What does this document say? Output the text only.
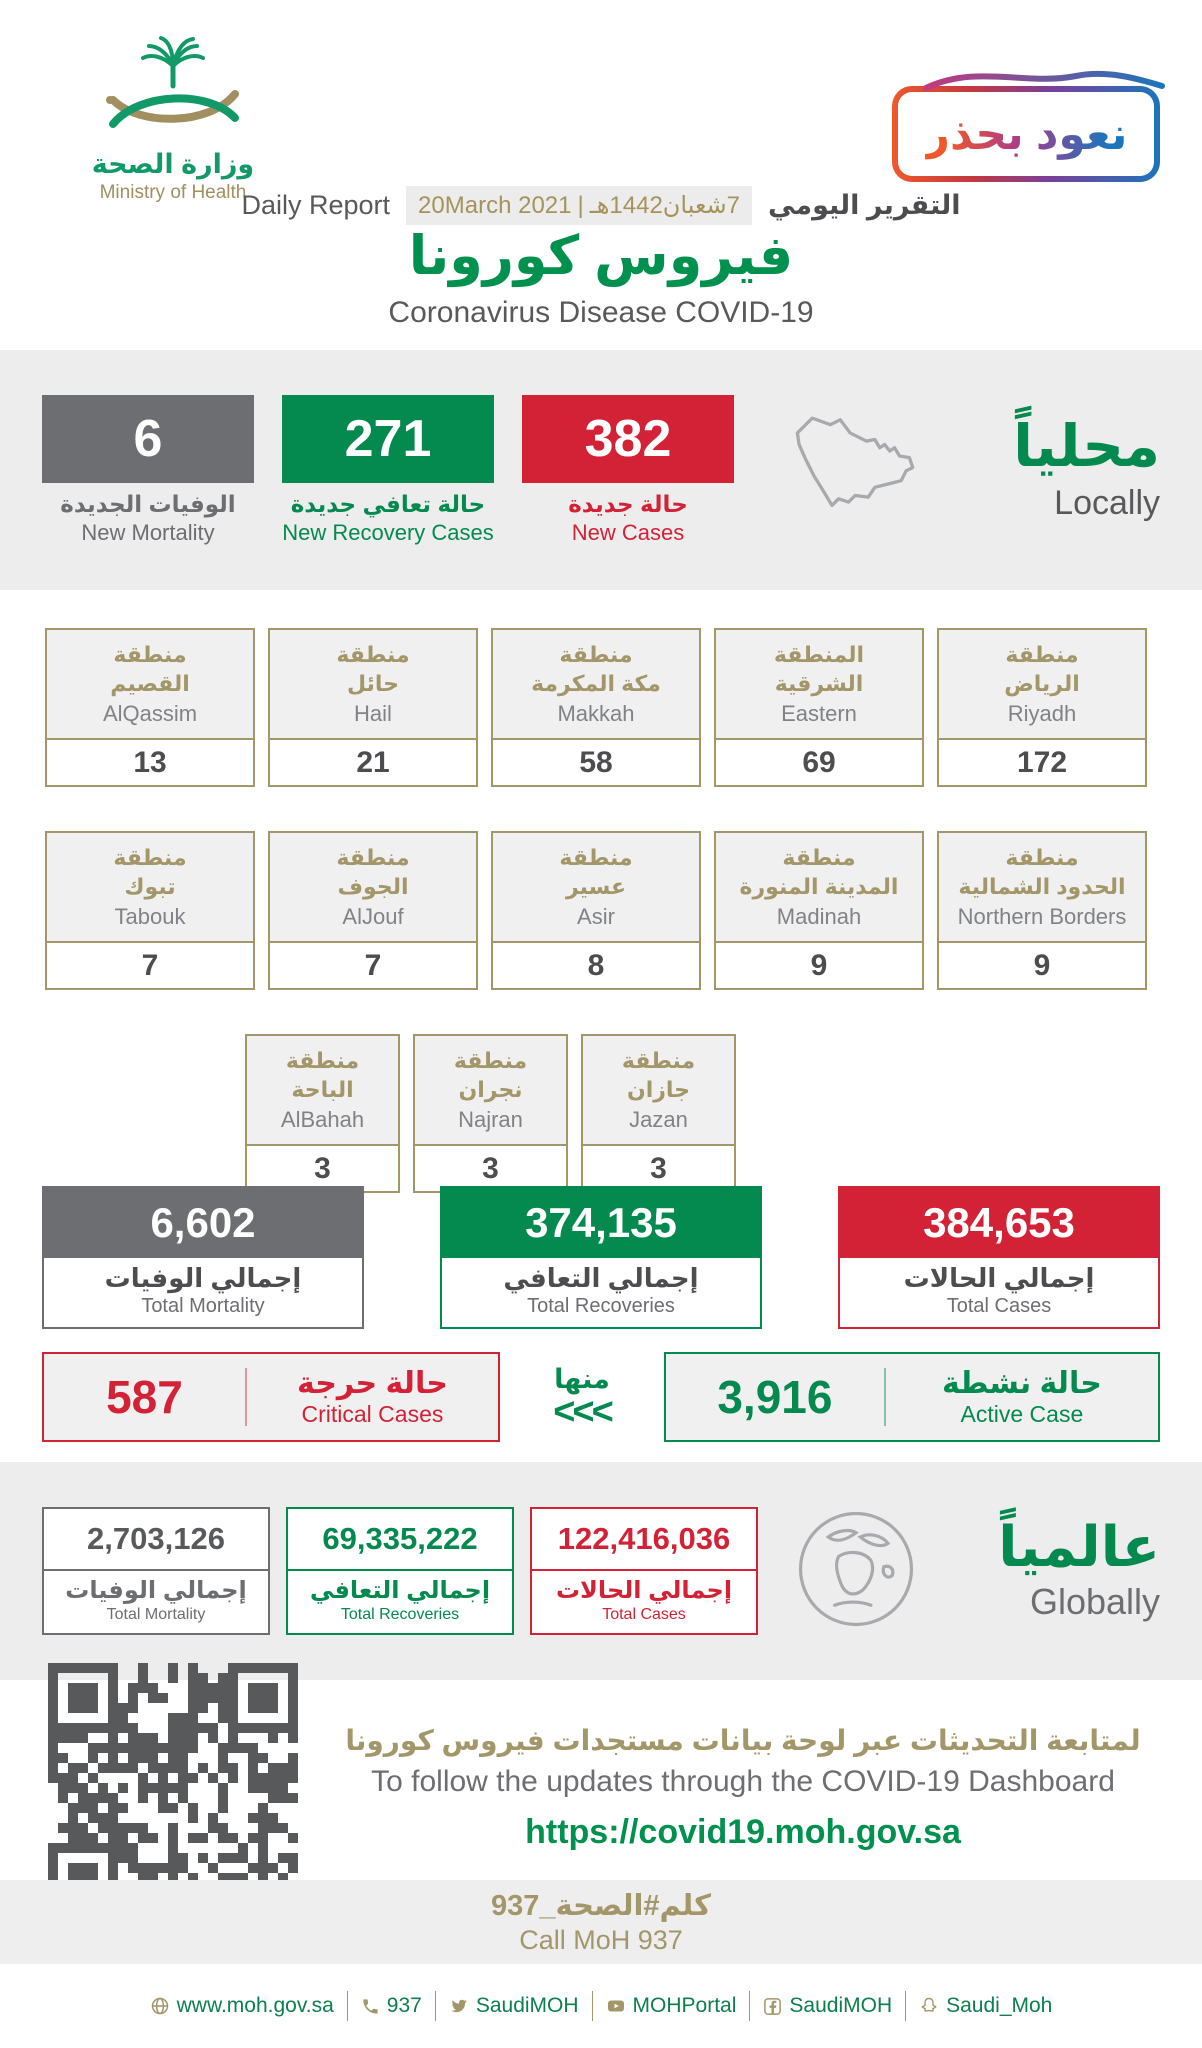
وزارة الصحة
Ministry of Health
نعود بحذر
Daily Report 20March 2021 | 7شعبان1442هـ التقرير اليومي
فيروس كورونا
Coronavirus Disease COVID-19
6
الوفيات الجديدة
New Mortality
271
حالة تعافي جديدة
New Recovery Cases
382
حالة جديدة
New Cases
محلياً
Locally
منطقة
القصيم
AlQassim
13
منطقة
حائل
Hail
21
منطقة
مكة المكرمة
Makkah
58
المنطقة
الشرقية
Eastern
69
منطقة
الرياض
Riyadh
172
منطقة
تبوك
Tabouk
7
منطقة
الجوف
AlJouf
7
منطقة
عسير
Asir
8
منطقة
المدينة المنورة
Madinah
9
منطقة
الحدود الشمالية
Northern Borders
9
منطقة
الباحة
AlBahah
3
منطقة
نجران
Najran
3
منطقة
جازان
Jazan
3
6,602
إجمالي الوفيات
Total Mortality
374,135
إجمالي التعافي
Total Recoveries
384,653
إجمالي الحالات
Total Cases
587	حالة حرجة
Critical Cases
منها
<<<	3,916	حالة نشطة
Active Case
2,703,126
إجمالي الوفيات
Total Mortality
69,335,222
إجمالي التعافي
Total Recoveries
122,416,036
إجمالي الحالات
Total Cases
عالمياً
Globally
لمتابعة التحديثات عبر لوحة بيانات مستجدات فيروس كورونا
To follow the updates through the COVID-19 Dashboard
https://covid19.moh.gov.sa
كلم#الصحة_937
Call MoH 937
www.moh.gov.sa	937	SaudiMOH	MOHPortal	SaudiMOH	Saudi_Moh
